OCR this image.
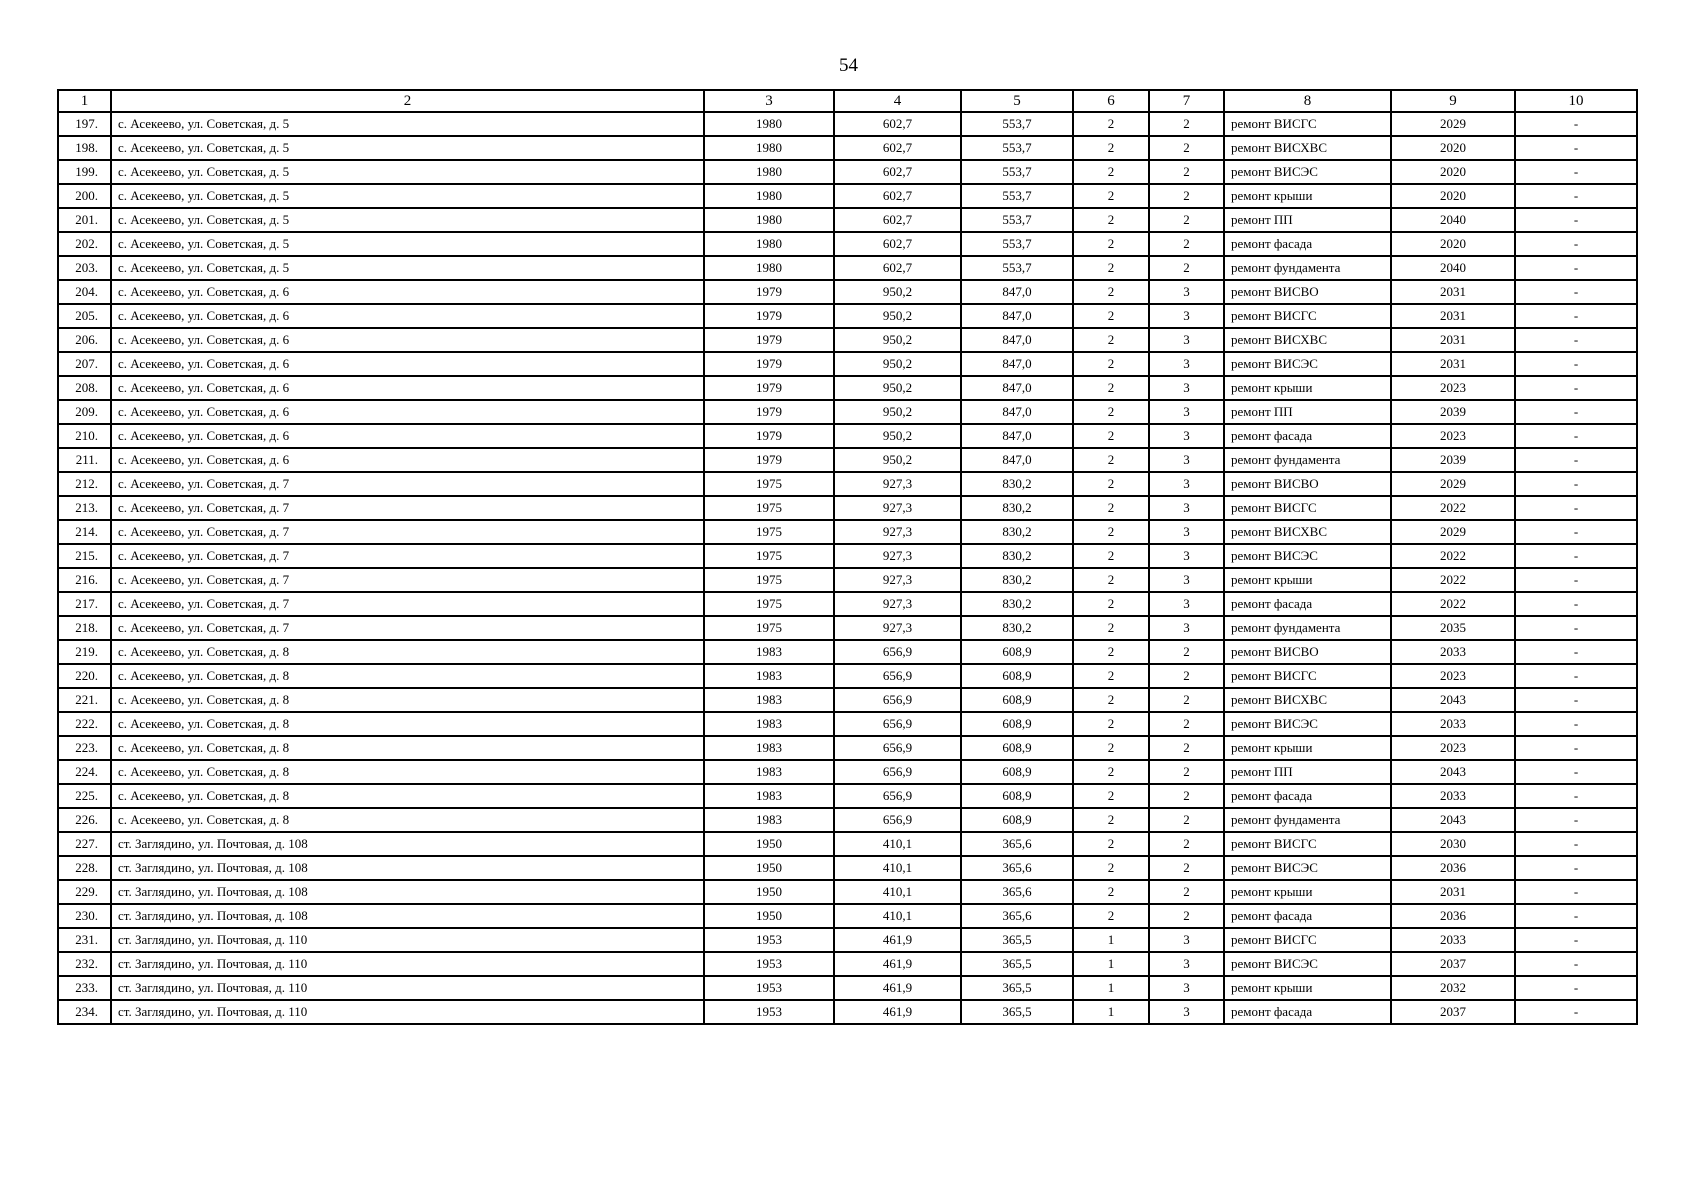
54
1	2	3	4	5	6	7	8	9	10
197.	с. Асекеево, ул. Советская, д. 5	1980	602,7	553,7	2	2	ремонт ВИСГС	2029	-
198.	с. Асекеево, ул. Советская, д. 5	1980	602,7	553,7	2	2	ремонт ВИСХВС	2020	-
199.	с. Асекеево, ул. Советская, д. 5	1980	602,7	553,7	2	2	ремонт ВИСЭС	2020	-
200.	с. Асекеево, ул. Советская, д. 5	1980	602,7	553,7	2	2	ремонт крыши	2020	-
201.	с. Асекеево, ул. Советская, д. 5	1980	602,7	553,7	2	2	ремонт ПП	2040	-
202.	с. Асекеево, ул. Советская, д. 5	1980	602,7	553,7	2	2	ремонт фасада	2020	-
203.	с. Асекеево, ул. Советская, д. 5	1980	602,7	553,7	2	2	ремонт фундамента	2040	-
204.	с. Асекеево, ул. Советская, д. 6	1979	950,2	847,0	2	3	ремонт ВИСВО	2031	-
205.	с. Асекеево, ул. Советская, д. 6	1979	950,2	847,0	2	3	ремонт ВИСГС	2031	-
206.	с. Асекеево, ул. Советская, д. 6	1979	950,2	847,0	2	3	ремонт ВИСХВС	2031	-
207.	с. Асекеево, ул. Советская, д. 6	1979	950,2	847,0	2	3	ремонт ВИСЭС	2031	-
208.	с. Асекеево, ул. Советская, д. 6	1979	950,2	847,0	2	3	ремонт крыши	2023	-
209.	с. Асекеево, ул. Советская, д. 6	1979	950,2	847,0	2	3	ремонт ПП	2039	-
210.	с. Асекеево, ул. Советская, д. 6	1979	950,2	847,0	2	3	ремонт фасада	2023	-
211.	с. Асекеево, ул. Советская, д. 6	1979	950,2	847,0	2	3	ремонт фундамента	2039	-
212.	с. Асекеево, ул. Советская, д. 7	1975	927,3	830,2	2	3	ремонт ВИСВО	2029	-
213.	с. Асекеево, ул. Советская, д. 7	1975	927,3	830,2	2	3	ремонт ВИСГС	2022	-
214.	с. Асекеево, ул. Советская, д. 7	1975	927,3	830,2	2	3	ремонт ВИСХВС	2029	-
215.	с. Асекеево, ул. Советская, д. 7	1975	927,3	830,2	2	3	ремонт ВИСЭС	2022	-
216.	с. Асекеево, ул. Советская, д. 7	1975	927,3	830,2	2	3	ремонт крыши	2022	-
217.	с. Асекеево, ул. Советская, д. 7	1975	927,3	830,2	2	3	ремонт фасада	2022	-
218.	с. Асекеево, ул. Советская, д. 7	1975	927,3	830,2	2	3	ремонт фундамента	2035	-
219.	с. Асекеево, ул. Советская, д. 8	1983	656,9	608,9	2	2	ремонт ВИСВО	2033	-
220.	с. Асекеево, ул. Советская, д. 8	1983	656,9	608,9	2	2	ремонт ВИСГС	2023	-
221.	с. Асекеево, ул. Советская, д. 8	1983	656,9	608,9	2	2	ремонт ВИСХВС	2043	-
222.	с. Асекеево, ул. Советская, д. 8	1983	656,9	608,9	2	2	ремонт ВИСЭС	2033	-
223.	с. Асекеево, ул. Советская, д. 8	1983	656,9	608,9	2	2	ремонт крыши	2023	-
224.	с. Асекеево, ул. Советская, д. 8	1983	656,9	608,9	2	2	ремонт ПП	2043	-
225.	с. Асекеево, ул. Советская, д. 8	1983	656,9	608,9	2	2	ремонт фасада	2033	-
226.	с. Асекеево, ул. Советская, д. 8	1983	656,9	608,9	2	2	ремонт фундамента	2043	-
227.	ст. Заглядино, ул. Почтовая, д. 108	1950	410,1	365,6	2	2	ремонт ВИСГС	2030	-
228.	ст. Заглядино, ул. Почтовая, д. 108	1950	410,1	365,6	2	2	ремонт ВИСЭС	2036	-
229.	ст. Заглядино, ул. Почтовая, д. 108	1950	410,1	365,6	2	2	ремонт крыши	2031	-
230.	ст. Заглядино, ул. Почтовая, д. 108	1950	410,1	365,6	2	2	ремонт фасада	2036	-
231.	ст. Заглядино, ул. Почтовая, д. 110	1953	461,9	365,5	1	3	ремонт ВИСГС	2033	-
232.	ст. Заглядино, ул. Почтовая, д. 110	1953	461,9	365,5	1	3	ремонт ВИСЭС	2037	-
233.	ст. Заглядино, ул. Почтовая, д. 110	1953	461,9	365,5	1	3	ремонт крыши	2032	-
234.	ст. Заглядино, ул. Почтовая, д. 110	1953	461,9	365,5	1	3	ремонт фасада	2037	-
